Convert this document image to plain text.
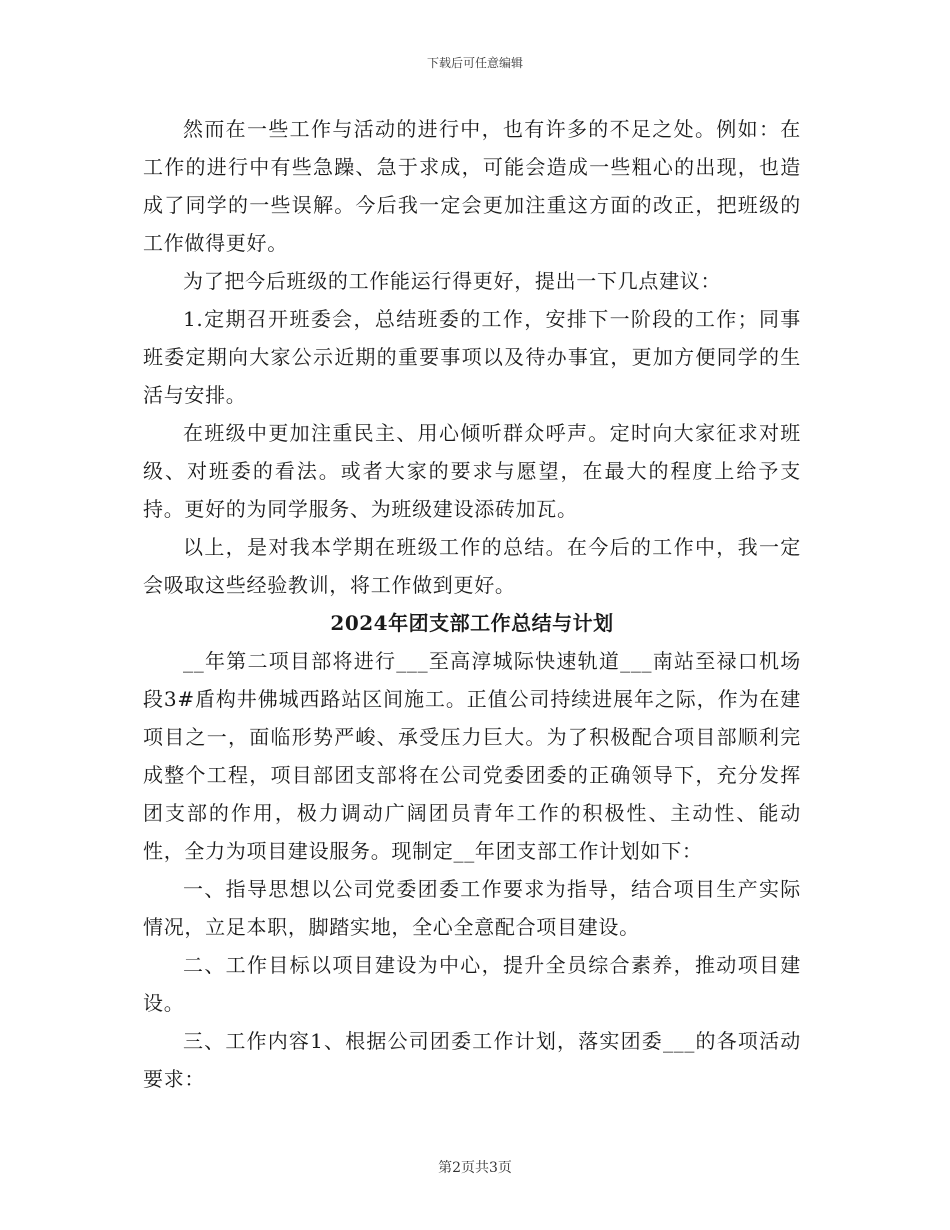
下载后可任意编辑

然而在一些工作与活动的进行中，也有许多的不足之处。例如：在工作的进行中有些急躁、急于求成，可能会造成一些粗心的出现，也造成了同学的一些误解。今后我一定会更加注重这方面的改正，把班级的工作做得更好。

为了把今后班级的工作能运行得更好，提出一下几点建议：

1.定期召开班委会，总结班委的工作，安排下一阶段的工作；同事班委定期向大家公示近期的重要事项以及待办事宜，更加方便同学的生活与安排。

在班级中更加注重民主、用心倾听群众呼声。定时向大家征求对班级、对班委的看法。或者大家的要求与愿望，在最大的程度上给予支持。更好的为同学服务、为班级建设添砖加瓦。

以上，是对我本学期在班级工作的总结。在今后的工作中，我一定会吸取这些经验教训，将工作做到更好。

2024年团支部工作总结与计划

__年第二项目部将进行___至高淳城际快速轨道___南站至禄口机场段3#盾构井佛城西路站区间施工。正值公司持续进展年之际，作为在建项目之一，面临形势严峻、承受压力巨大。为了积极配合项目部顺利完成整个工程，项目部团支部将在公司党委团委的正确领导下，充分发挥团支部的作用，极力调动广阔团员青年工作的积极性、主动性、能动性，全力为项目建设服务。现制定__年团支部工作计划如下：

一、指导思想以公司党委团委工作要求为指导，结合项目生产实际情况，立足本职，脚踏实地，全心全意配合项目建设。

二、工作目标以项目建设为中心，提升全员综合素养，推动项目建设。

三、工作内容1、根据公司团委工作计划，落实团委___的各项活动要求：

第2页共3页
